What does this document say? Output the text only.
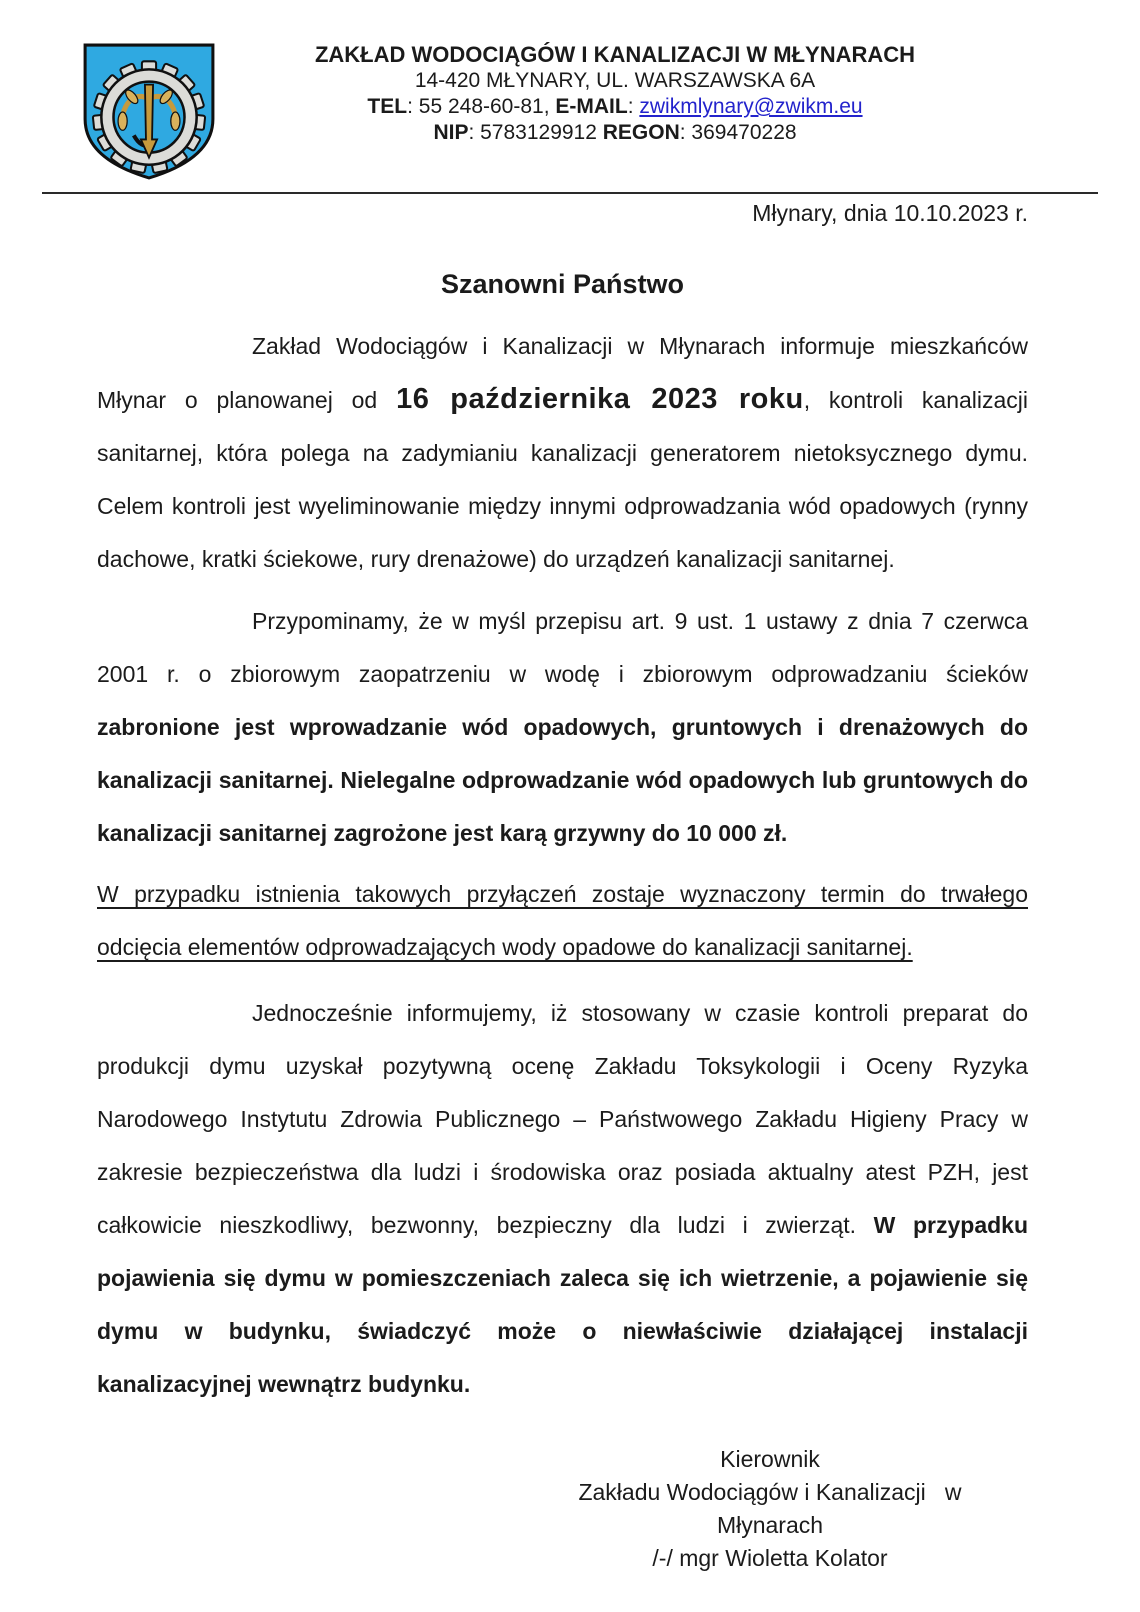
ZAKŁAD WODOCIĄGÓW I KANALIZACJI W MŁYNARACH
14-420 MŁYNARY, UL. WARSZAWSKA 6A
TEL: 55 248-60-81, E-MAIL: zwikmlynary@zwikm.eu
NIP: 5783129912 REGON: 369470228
Młynary, dnia 10.10.2023 r.
Szanowni Państwo

Zakład Wodociągów i Kanalizacji w Młynarach informuje mieszkańców Młynar o planowanej od 16 października 2023 roku, kontroli kanalizacji sanitarnej, która polega na zadymianiu kanalizacji generatorem nietoksycznego dymu. Celem kontroli jest wyeliminowanie między innymi odprowadzania wód opadowych (rynny dachowe, kratki ściekowe, rury drenażowe) do urządzeń kanalizacji sanitarnej.

Przypominamy, że w myśl przepisu art. 9 ust. 1 ustawy z dnia 7 czerwca 2001 r. o zbiorowym zaopatrzeniu w wodę i zbiorowym odprowadzaniu ścieków zabronione jest wprowadzanie wód opadowych, gruntowych i drenażowych do kanalizacji sanitarnej. Nielegalne odprowadzanie wód opadowych lub gruntowych do kanalizacji sanitarnej zagrożone jest karą grzywny do 10 000 zł.

W przypadku istnienia takowych przyłączeń zostaje wyznaczony termin do trwałego odcięcia elementów odprowadzających wody opadowe do kanalizacji sanitarnej.

Jednocześnie informujemy, iż stosowany w czasie kontroli preparat do produkcji dymu uzyskał pozytywną ocenę Zakładu Toksykologii i Oceny Ryzyka Narodowego Instytutu Zdrowia Publicznego – Państwowego Zakładu Higieny Pracy w zakresie bezpieczeństwa dla ludzi i środowiska oraz posiada aktualny atest PZH, jest całkowicie nieszkodliwy, bezwonny, bezpieczny dla ludzi i zwierząt. W przypadku pojawienia się dymu w pomieszczeniach zaleca się ich wietrzenie, a pojawienie się dymu w budynku, świadczyć może o niewłaściwie działającej instalacji kanalizacyjnej wewnątrz budynku.

Kierownik
Zakładu Wodociągów i Kanalizacji   w Młynarach
/-/ mgr Wioletta Kolator
